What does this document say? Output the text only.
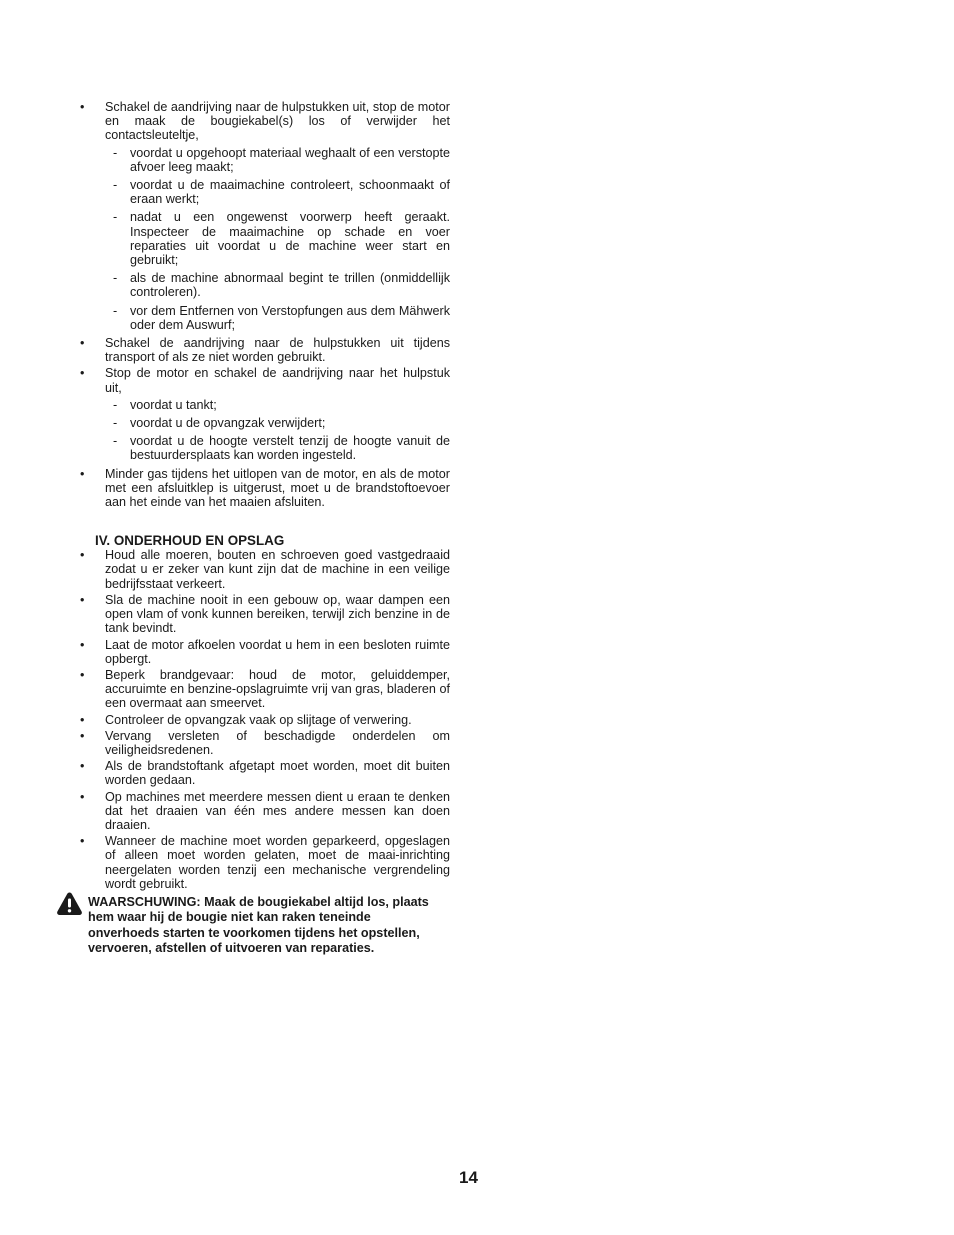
• Schakel de aandrijving naar de hulpstukken uit, stop de motor en maak de bougiekabel(s) los of verwijder het contactsleuteltje,
- voordat u opgehoopt materiaal weghaalt of een verstopte afvoer leeg maakt;
- voordat u de maaimachine controleert, schoonmaakt of eraan werkt;
- nadat u een ongewenst voorwerp heeft geraakt. Inspecteer de maaimachine op schade en voer reparaties uit voordat u de machine weer start en gebruikt;
- als de machine abnormaal begint te trillen (onmiddellijk controleren).
- vor dem Entfernen von Verstopfungen aus dem Mähwerk oder dem Auswurf;
• Schakel de aandrijving naar de hulpstukken uit tijdens transport of als ze niet worden gebruikt.
• Stop de motor en schakel de aandrijving naar het hulpstuk uit,
- voordat u tankt;
- voordat u de opvangzak verwijdert;
- voordat u de hoogte verstelt tenzij de hoogte vanuit de bestuurdersplaats kan worden ingesteld.
• Minder gas tijdens het uitlopen van de motor, en als de motor met een afsluitklep is uitgerust, moet u de brandstoftoevoer aan het einde van het maaien afsluiten.
IV. ONDERHOUD EN OPSLAG
• Houd alle moeren, bouten en schroeven goed vastgedraaid zodat u er zeker van kunt zijn dat de machine in een veilige bedrijfsstaat verkeert.
• Sla de machine nooit in een gebouw op, waar dampen een open vlam of vonk kunnen bereiken, terwijl zich benzine in de tank bevindt.
• Laat de motor afkoelen voordat u hem in een besloten ruimte opbergt.
• Beperk brandgevaar: houd de motor, geluiddemper, accuruimte en benzine-opslagruimte vrij van gras, bladeren of een overmaat aan smeervet.
• Controleer de opvangzak vaak op slijtage of verwering.
• Vervang versleten of beschadigde onderdelen om veiligheidsredenen.
• Als de brandstoftank afgetapt moet worden, moet dit buiten worden gedaan.
• Op machines met meerdere messen dient u eraan te denken dat het draaien van één mes andere messen kan doen draaien.
• Wanneer de machine moet worden geparkeerd, opgeslagen of alleen moet worden gelaten, moet de maai-inrichting neergelaten worden tenzij een mechanische vergrendeling wordt gebruikt.
WAARSCHUWING: Maak de bougiekabel altijd los, plaats hem waar hij de bougie niet kan raken teneinde onverhoeds starten te voorkomen tijdens het opstellen, vervoeren, afstellen of uitvoeren van reparaties.
14
